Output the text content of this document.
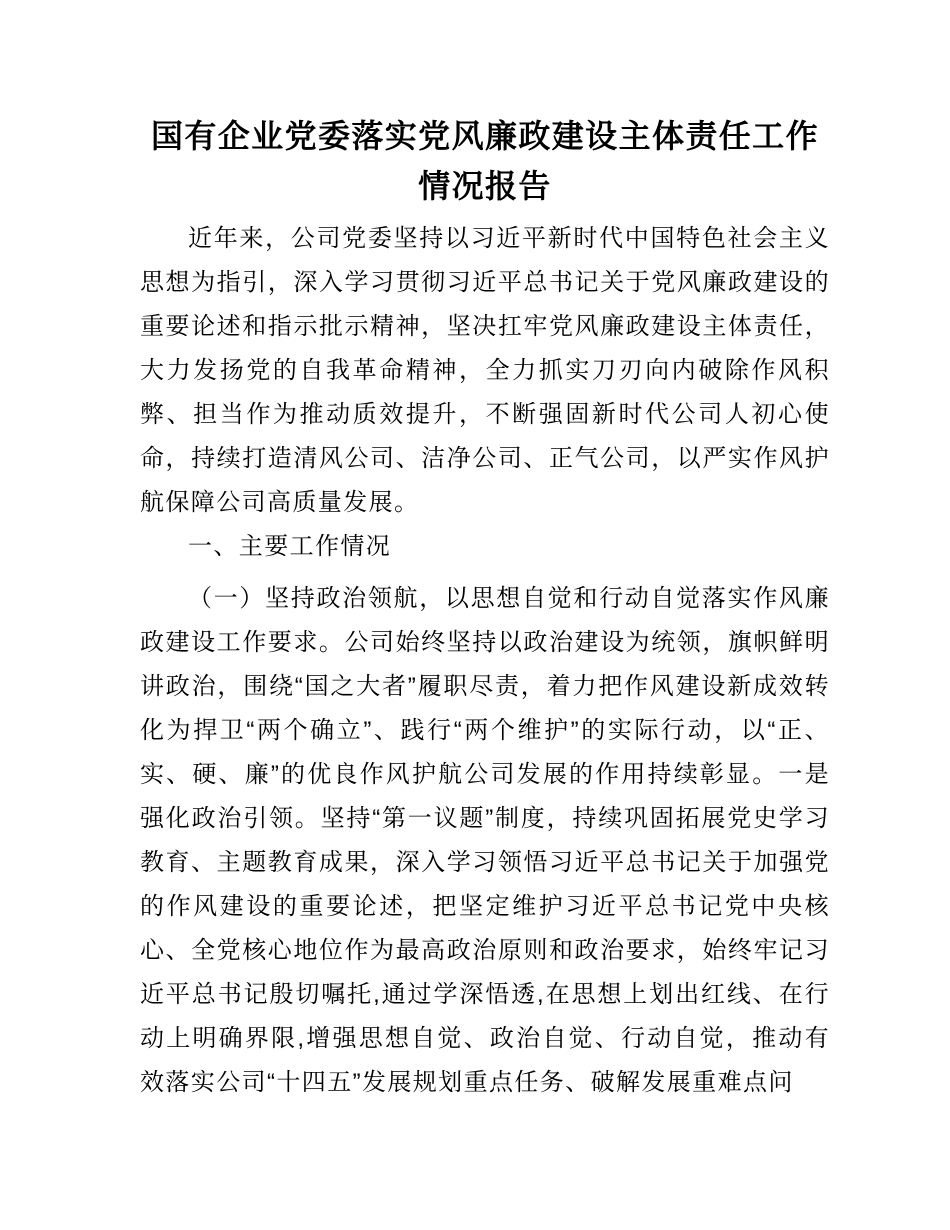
国有企业党委落实党风廉政建设主体责任工作情况报告

近年来，公司党委坚持以习近平新时代中国特色社会主义思想为指引，深入学习贯彻习近平总书记关于党风廉政建设的重要论述和指示批示精神，坚决扛牢党风廉政建设主体责任，大力发扬党的自我革命精神，全力抓实刀刃向内破除作风积弊、担当作为推动质效提升，不断强固新时代公司人初心使命，持续打造清风公司、洁净公司、正气公司，以严实作风护航保障公司高质量发展。

一、主要工作情况

（一）坚持政治领航，以思想自觉和行动自觉落实作风廉政建设工作要求。公司始终坚持以政治建设为统领，旗帜鲜明讲政治，围绕“国之大者”履职尽责，着力把作风建设新成效转化为捍卫“两个确立”、践行“两个维护”的实际行动，以“正、实、硬、廉”的优良作风护航公司发展的作用持续彰显。一是强化政治引领。坚持“第一议题”制度，持续巩固拓展党史学习教育、主题教育成果，深入学习领悟习近平总书记关于加强党的作风建设的重要论述，把坚定维护习近平总书记党中央核心、全党核心地位作为最高政治原则和政治要求，始终牢记习近平总书记殷切嘱托,通过学深悟透,在思想上划出红线、在行动上明确界限,增强思想自觉、政治自觉、行动自觉，推动有效落实公司“十四五”发展规划重点任务、破解发展重难点问
